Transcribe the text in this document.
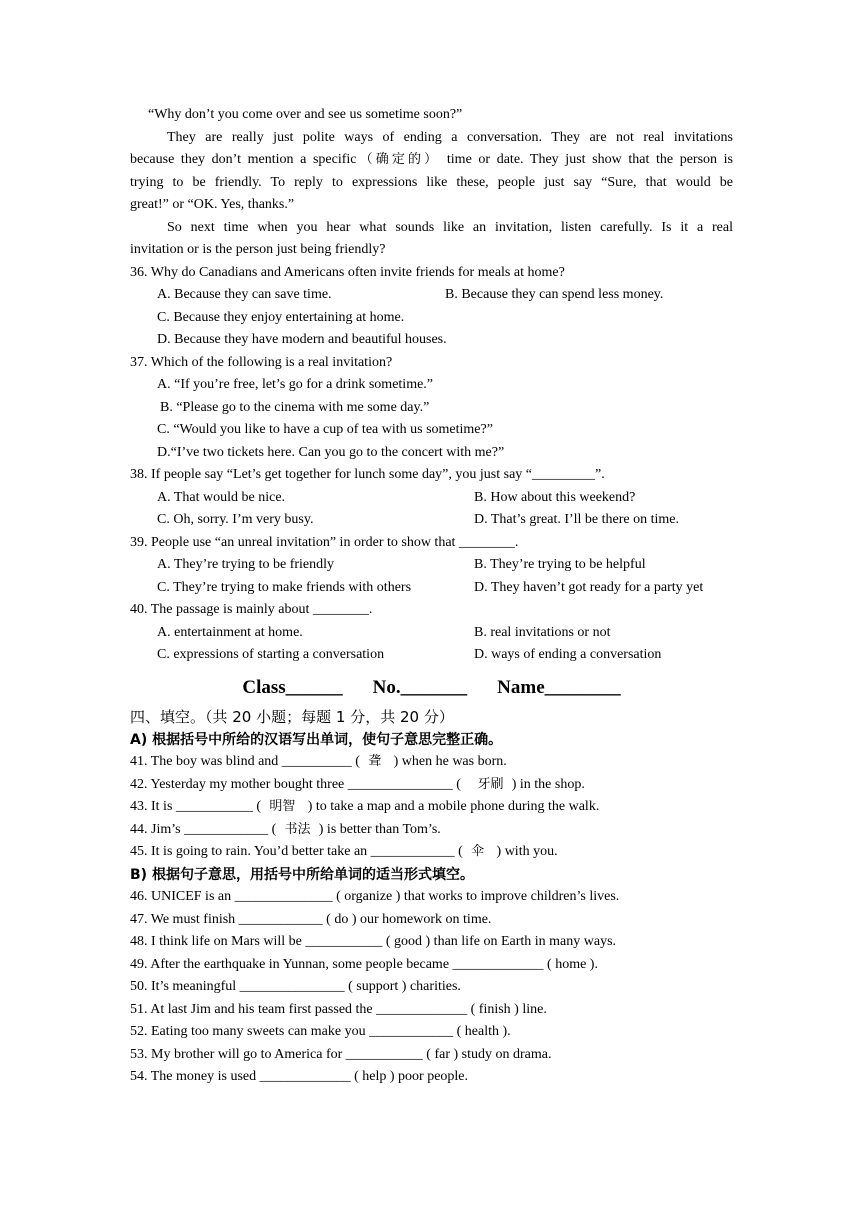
“Why don’t you come over and see us sometime soon?”
They are really just polite ways of ending a conversation. They are not real invitations
because they don’t mention a specific（确定的） time or date. They just show that the person is
trying to be friendly. To reply to expressions like these, people just say “Sure, that would be
great!” or “OK. Yes, thanks.”
So next time when you hear what sounds like an invitation, listen carefully. Is it a real
invitation or is the person just being friendly?
36. Why do Canadians and Americans often invite friends for meals at home?
A. Because they can save time.	B. Because they can spend less money.
C. Because they enjoy entertaining at home.
D. Because they have modern and beautiful houses.
37. Which of the following is a real invitation?
A. “If you’re free, let’s go for a drink sometime.”
B. “Please go to the cinema with me some day.”
C. “Would you like to have a cup of tea with us sometime?”
D.“I’ve two tickets here. Can you go to the concert with me?”
38. If people say “Let’s get together for lunch some day”, you just say “_________”.
A. That would be nice.	B. How about this weekend?
C. Oh, sorry. I’m very busy.	D. That’s great. I’ll be there on time.
39. People use “an unreal invitation” in order to show that ________.
A. They’re trying to be friendly	B. They’re trying to be helpful
C. They’re trying to make friends with others	D. They haven’t got ready for a party yet
40. The passage is mainly about ________.
A. entertainment at home.	B. real invitations or not
C. expressions of starting a conversation	D. ways of ending a conversation
Class______ No._______ Name________
四、填空。（共 20 小题；每题 1 分，共 20 分）
A) 根据括号中所给的汉语写出单词，使句子意思完整正确。
41. The boy was blind and __________ (  聋   ) when he was born.
42. Yesterday my mother bought three _______________ (    牙刷  ) in the shop.
43. It is ___________ (  明智   ) to take a map and a mobile phone during the walk.
44. Jim’s ____________ (  书法  ) is better than Tom’s.
45. It is going to rain. You’d better take an ____________ (  伞   ) with you.
B) 根据句子意思，用括号中所给单词的适当形式填空。
46. UNICEF is an ______________ ( organize ) that works to improve children’s lives.
47. We must finish ____________ ( do ) our homework on time.
48. I think life on Mars will be ___________ ( good ) than life on Earth in many ways.
49. After the earthquake in Yunnan, some people became _____________ ( home ).
50. It’s meaningful _______________ ( support ) charities.
51. At last Jim and his team first passed the _____________ ( finish ) line.
52. Eating too many sweets can make you ____________ ( health ).
53. My brother will go to America for ___________ ( far ) study on drama.
54. The money is used _____________ ( help ) poor people.
